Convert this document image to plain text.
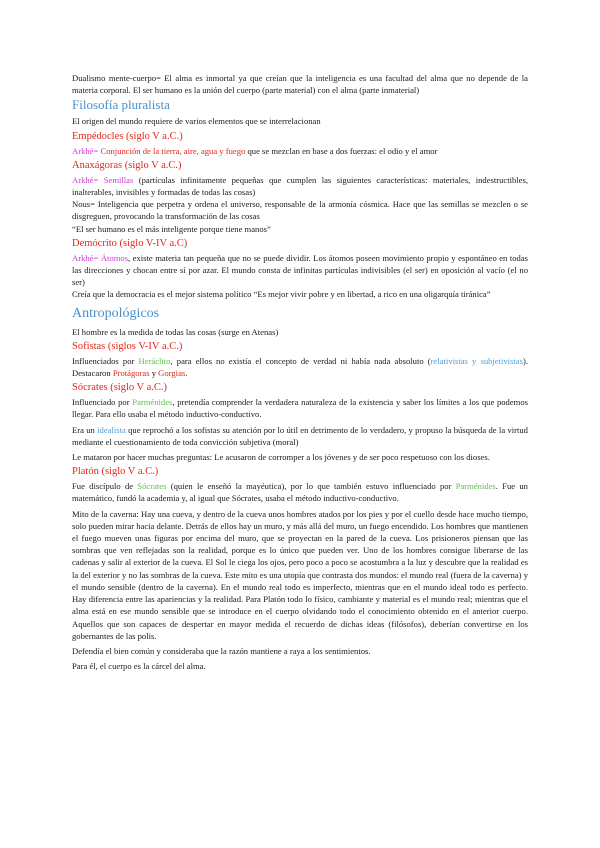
Dualismo mente-cuerpo= El alma es inmortal ya que creían que la inteligencia es una facultad del alma que no depende de la materia corporal. El ser humano es la unión del cuerpo (parte material) con el alma (parte inmaterial)

Filosofía pluralista

El origen del mundo requiere de varios elementos que se interrelacionan

Empédocles (siglo V a.C.)

Arkhé= Conjunción de la tierra, aire, agua y fuego que se mezclan en base a dos fuerzas: el odio y el amor

Anaxágoras (siglo V a.C.)

Arkhé= Semillas (partículas infinitamente pequeñas que cumplen las siguientes características: materiales, indestructibles, inalterables, invisibles y formadas de todas las cosas)

Nous= Inteligencia que perpetra y ordena el universo, responsable de la armonía cósmica. Hace que las semillas se mezclen o se disgreguen, provocando la transformación de las cosas

“El ser humano es el más inteligente porque tiene manos”

Demócrito (siglo V-IV a.C)

Arkhé= Átomos, existe materia tan pequeña que no se puede dividir. Los átomos poseen movimiento propio y espontáneo en todas las direcciones y chocan entre sí por azar. El mundo consta de infinitas partículas indivisibles (el ser) en oposición al vacío (el no ser)

Creía que la democracia es el mejor sistema político “Es mejor vivir pobre y en libertad, a rico en una oligarquía tiránica”

Antropológicos

El hombre es la medida de todas las cosas (surge en Atenas)

Sofistas (siglos V-IV a.C.)

Influenciados por Heráclito, para ellos no existía el concepto de verdad ni había nada absoluto (relativistas y subjetivistas). Destacaron Protágoras y Gorgias.

Sócrates (siglo V a.C.)

Influenciado por Parménides, pretendía comprender la verdadera naturaleza de la existencia y saber los límites a los que podemos llegar. Para ello usaba el método inductivo-conductivo.

Era un idealista que reprochó a los sofistas su atención por lo útil en detrimento de lo verdadero, y propuso la búsqueda de la virtud mediante el cuestionamiento de toda convicción subjetiva (moral)

Le mataron por hacer muchas preguntas: Le acusaron de corromper a los jóvenes y de ser poco respetuoso con los dioses.

Platón (siglo V a.C.)

Fue discípulo de Sócrates (quien le enseñó la mayéutica), por lo que también estuvo influenciado por Parménides. Fue un matemático, fundó la academia y, al igual que Sócrates, usaba el método inductivo-conductivo.

Mito de la caverna: Hay una cueva, y dentro de la cueva unos hombres atados por los pies y por el cuello desde hace mucho tiempo, solo pueden mirar hacia delante. Detrás de ellos hay un muro, y más allá del muro, un fuego encendido. Los hombres que mantienen el fuego mueven unas figuras por encima del muro, que se proyectan en la pared de la cueva. Los prisioneros piensan que las sombras que ven reflejadas son la realidad, porque es lo único que pueden ver. Uno de los hombres consigue liberarse de las cadenas y salir al exterior de la cueva. El Sol le ciega los ojos, pero poco a poco se acostumbra a la luz y descubre que la realidad es la del exterior y no las sombras de la cueva. Este mito es una utopía que contrasta dos mundos: el mundo real (fuera de la caverna) y el mundo sensible (dentro de la caverna). En el mundo real todo es imperfecto, mientras que en el mundo ideal todo es perfecto. Hay diferencia entre las apariencias y la realidad. Para Platón todo lo físico, cambiante y material es el mundo real; mientras que el alma está en ese mundo sensible que se introduce en el cuerpo olvidando todo el conocimiento obtenido en el anterior cuerpo. Aquellos que son capaces de despertar en mayor medida el recuerdo de dichas ideas (filósofos), deberían convertirse en los gobernantes de las polis.

Defendía el bien común y consideraba que la razón mantiene a raya a los sentimientos.

Para él, el cuerpo es la cárcel del alma.
